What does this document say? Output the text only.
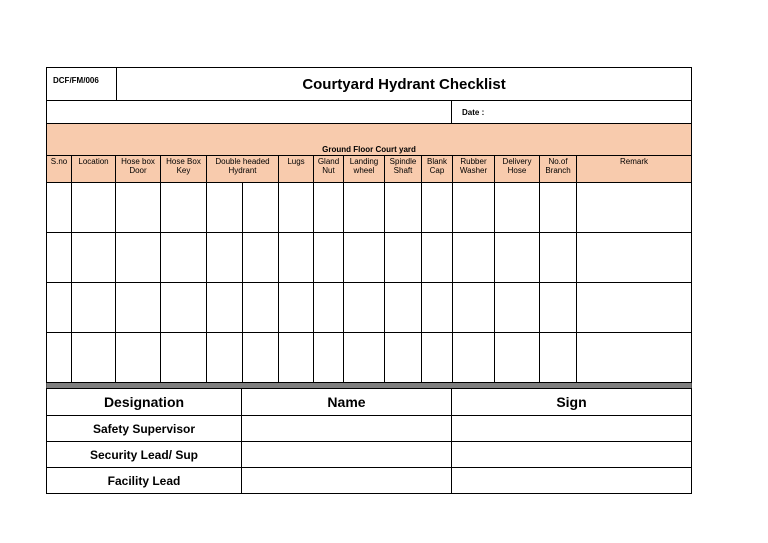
DCF/FM/006	Courtyard Hydrant Checklist	
		Date :
Ground Floor Court yard														
S.no	Location	Hose box Door	Hose Box Key	Double headed Hydrant		Lugs	Gland Nut	Landing wheel	Spindle Shaft	Blank Cap	Rubber Washer	Delivery Hose	No.of Branch	Remark

Designation	Name	Sign
Safety Supervisor		
Security Lead/ Sup		
Facility Lead		
